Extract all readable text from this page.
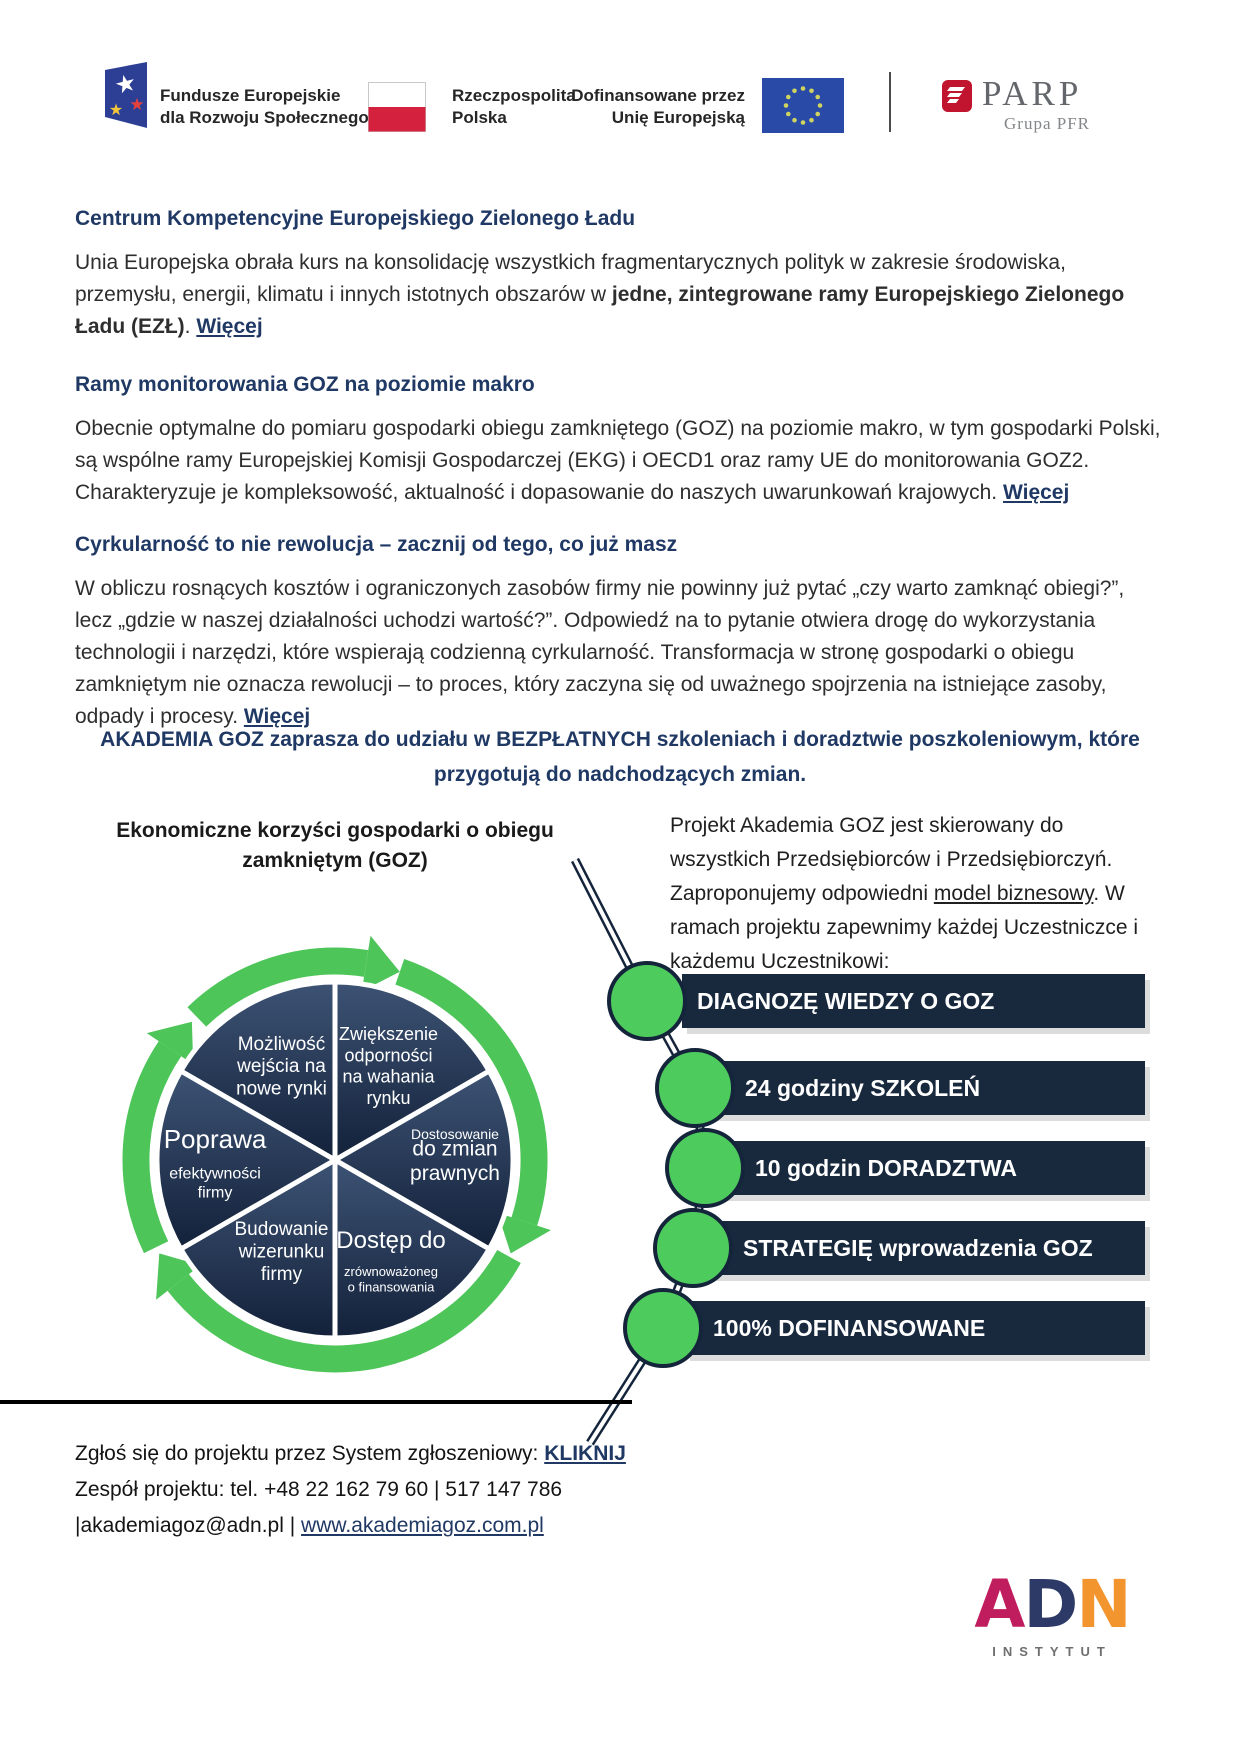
★
★
★
Fundusze Europejskie
dla Rozwoju Społecznego
Rzeczpospolita
Polska
Dofinansowane przez
Unię Europejską
PARP
Grupa PFR
Centrum Kompetencyjne Europejskiego Zielonego Ładu

Unia Europejska obrała kurs na konsolidację wszystkich fragmentarycznych polityk w zakresie środowiska, przemysłu, energii, klimatu i innych istotnych obszarów w jedne, zintegrowane ramy Europejskiego Zielonego Ładu (EZŁ). Więcej

Ramy monitorowania GOZ na poziomie makro

Obecnie optymalne do pomiaru gospodarki obiegu zamkniętego (GOZ) na poziomie makro, w tym gospodarki Polski, są wspólne ramy Europejskiej Komisji Gospodarczej (EKG) i OECD1 oraz ramy UE do monitorowania GOZ2. Charakteryzuje je kompleksowość, aktualność i dopasowanie do naszych uwarunkowań krajowych. Więcej

Cyrkularność to nie rewolucja – zacznij od tego, co już masz

W obliczu rosnących kosztów i ograniczonych zasobów firmy nie powinny już pytać „czy warto zamknąć obiegi?”, lecz „gdzie w naszej działalności uchodzi wartość?”. Odpowiedź na to pytanie otwiera drogę do wykorzystania technologii i narzędzi, które wspierają codzienną cyrkularność. Transformacja w stronę gospodarki o obiegu zamkniętym nie oznacza rewolucji – to proces, który zaczyna się od uważnego spojrzenia na istniejące zasoby, odpady i procesy. Więcej

AKADEMIA GOZ zaprasza do udziału w BEZPŁATNYCH szkoleniach i doradztwie poszkoleniowym, które przygotują do nadchodzących zmian.
Ekonomiczne korzyści gospodarki o obiegu zamkniętym (GOZ)
Możliwość wejścia na nowe rynki
Zwiększenie odporności na wahania rynku
Dostosowanie do zmian prawnych
Dostęp do zrównoważoneg o finansowania
Budowanie wizerunku firmy
Poprawa efektywności firmy

Projekt Akademia GOZ jest skierowany do wszystkich Przedsiębiorców i Przedsiębiorczyń. Zaproponujemy odpowiedni model biznesowy. W ramach projektu zapewnimy każdej Uczestniczce i każdemu Uczestnikowi:

DIAGNOZĘ WIEDZY O GOZ
24 godziny SZKOLEŃ
10 godzin DORADZTWA
STRATEGIĘ wprowadzenia GOZ
100% DOFINANSOWANE
Zgłoś się do projektu przez System zgłoszeniowy: KLIKNIJ
Zespół projektu: tel. +48 22 162 79 60 | 517 147 786
|akademiagoz@adn.pl | www.akademiagoz.com.pl
ADN
INSTYTUT
